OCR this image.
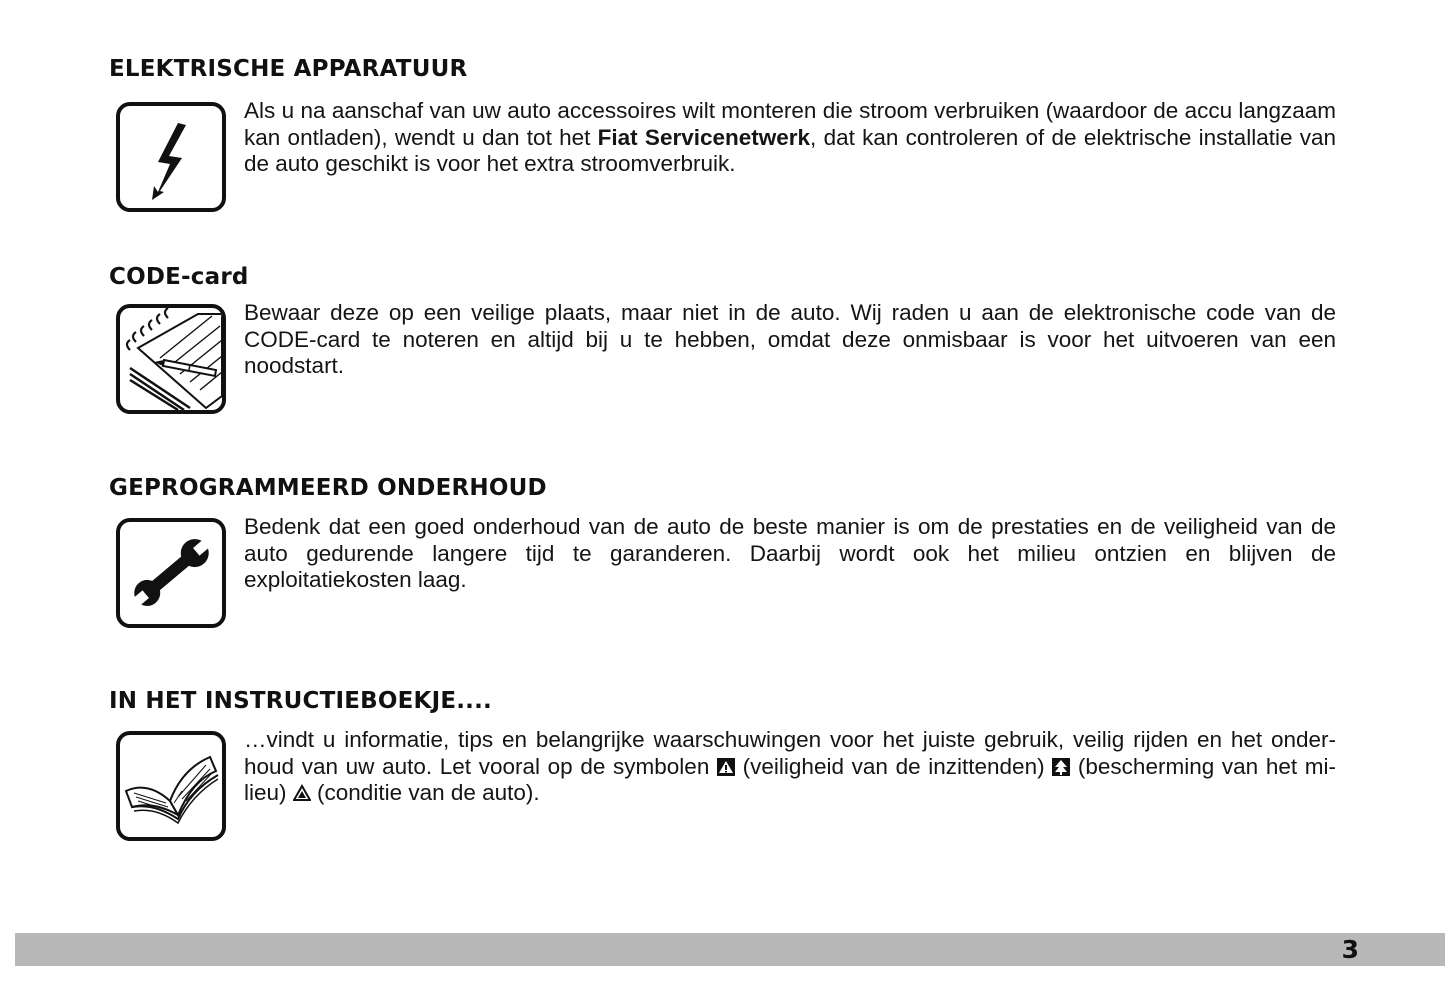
ELEKTRISCHE APPARATUUR

Als u na aanschaf van uw auto accessoires wilt monteren die stroom verbruiken (waardoor de accu langzaam kan ontladen), wendt u dan tot het Fiat Servicenetwerk, dat kan controleren of de elektrische installatie van de auto geschikt is voor het extra stroomverbruik.

CODE-card

Bewaar deze op een veilige plaats, maar niet in de auto. Wij raden u aan de elektronische code van de CODE-card te noteren en altijd bij u te hebben, omdat deze onmisbaar is voor het uitvoeren van een noodstart.

GEPROGRAMMEERD ONDERHOUD

Bedenk dat een goed onderhoud van de auto de beste manier is om de prestaties en de veiligheid van de auto gedurende langere tijd te garanderen. Daarbij wordt ook het milieu ontzien en blijven de exploitatiekosten laag.

IN HET INSTRUCTIEBOEKJE....

…vindt u informatie, tips en belangrijke waarschuwingen voor het juiste gebruik, veilig rijden en het onder-houd van uw auto. Let vooral op de symbolen  (veiligheid van de inzittenden)  (bescherming van het mi-lieu)  (conditie van de auto).

3
